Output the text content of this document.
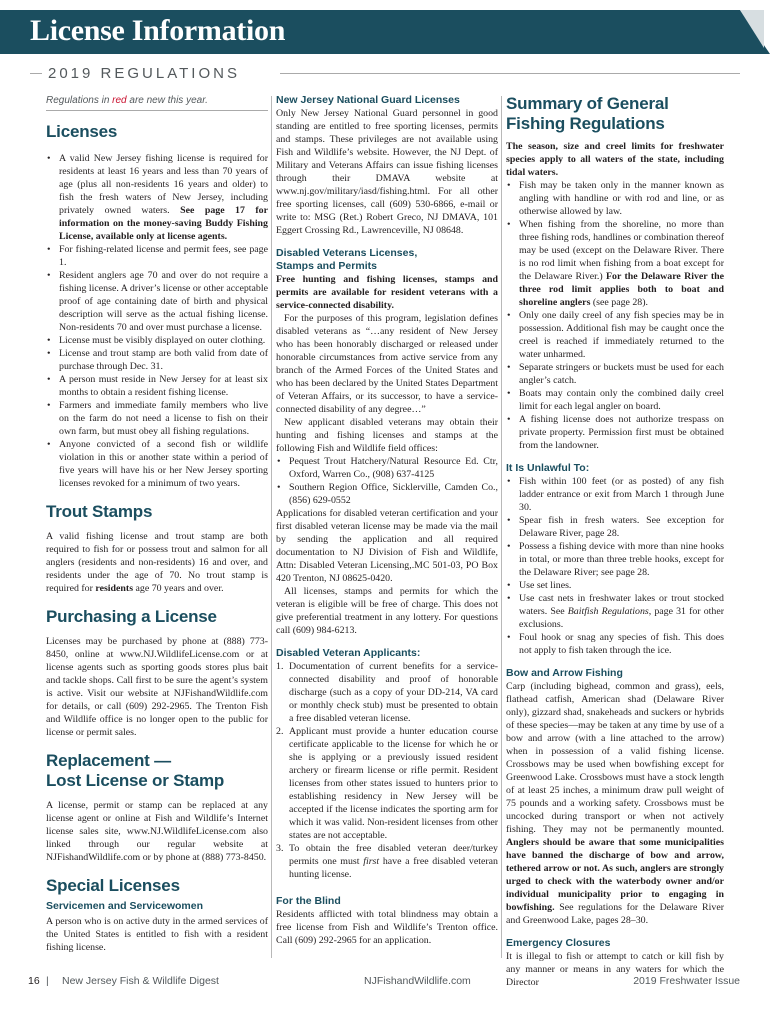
License Information
2019 REGULATIONS
Regulations in red are new this year.
Licenses
• A valid New Jersey fishing license is required for residents at least 16 years and less than 70 years of age (plus all non-residents 16 years and older) to fish the fresh waters of New Jersey, including privately owned waters. See page 17 for information on the money-saving Buddy Fishing License, available only at license agents.
• For fishing-related license and permit fees, see page 1.
• Resident anglers age 70 and over do not require a fishing license. A driver’s license or other acceptable proof of age containing date of birth and physical description will serve as the actual fishing license. Non-residents 70 and over must purchase a license.
• License must be visibly displayed on outer clothing.
• License and trout stamp are both valid from date of purchase through Dec. 31.
• A person must reside in New Jersey for at least six months to obtain a resident fishing license.
• Farmers and immediate family members who live on the farm do not need a license to fish on their own farm, but must obey all fishing regulations.
• Anyone convicted of a second fish or wildlife violation in this or another state within a period of five years will have his or her New Jersey sporting licenses revoked for a minimum of two years.
Trout Stamps

A valid fishing license and trout stamp are both required to fish for or possess trout and salmon for all anglers (residents and non-residents) 16 and over, and residents under the age of 70. No trout stamp is required for residents age 70 years and over.

Purchasing a License

Licenses may be purchased by phone at (888) 773-8450, online at www.NJ.WildlifeLicense.com or at license agents such as sporting goods stores plus bait and tackle shops. Call first to be sure the agent’s system is active. Visit our website at NJFishandWildlife.com for details, or call (609) 292-2965. The Trenton Fish and Wildlife office is no longer open to the public for license or permit sales.

Replacement —
Lost License or Stamp

A license, permit or stamp can be replaced at any license agent or online at Fish and Wildlife’s Internet license sales site, www.NJ.WildlifeLicense.com also linked through our regular website at NJFishandWildlife.com or by phone at (888) 773-8450.

Special Licenses
Servicemen and Servicewomen

A person who is on active duty in the armed services of the United States is entitled to fish with a resident fishing license.

New Jersey National Guard Licenses

Only New Jersey National Guard personnel in good standing are entitled to free sporting licenses, permits and stamps. These privileges are not available using Fish and Wildlife’s website. However, the NJ Dept. of Military and Veterans Affairs can issue fishing licenses through their DMAVA website at www.nj.gov/military/iasd/fishing.html. For all other free sporting licenses, call (609) 530-6866, e-mail or write to: MSG (Ret.) Robert Greco, NJ DMAVA, 101 Eggert Crossing Rd., Lawrenceville, NJ 08648.

Disabled Veterans Licenses,
Stamps and Permits

Free hunting and fishing licenses, stamps and permits are available for resident veterans with a service-connected disability.

For the purposes of this program, legislation defines disabled veterans as “…any resident of New Jersey who has been honorably discharged or released under honorable circumstances from active service from any branch of the Armed Forces of the United States and who has been declared by the United States Department of Veteran Affairs, or its successor, to have a service-connected disability of any degree…”

New applicant disabled veterans may obtain their hunting and fishing licenses and stamps at the following Fish and Wildlife field offices:

• Pequest Trout Hatchery/Natural Resource Ed. Ctr, Oxford, Warren Co., (908) 637-4125
• Southern Region Office, Sicklerville, Camden Co., (856) 629-0552

Applications for disabled veteran certification and your first disabled veteran license may be made via the mail by sending the application and all required documentation to NJ Division of Fish and Wildlife, Attn: Disabled Veteran Licensing,.MC 501-03, PO Box 420 Trenton, NJ 08625-0420.

All licenses, stamps and permits for which the veteran is eligible will be free of charge. This does not give preferential treatment in any lottery. For questions call (609) 984-6213.

Disabled Veteran Applicants:
1. Documentation of current benefits for a service-connected disability and proof of honorable discharge (such as a copy of your DD-214, VA card or monthly check stub) must be presented to obtain a free disabled veteran license.
2. Applicant must provide a hunter education course certificate applicable to the license for which he or she is applying or a previously issued resident archery or firearm license or rifle permit. Resident licenses from other states issued to hunters prior to establishing residency in New Jersey will be accepted if the license indicates the sporting arm for which it was valid. Non-resident licenses from other states are not acceptable.
3. To obtain the free disabled veteran deer/turkey permits one must first have a free disabled veteran hunting license.
For the Blind

Residents afflicted with total blindness may obtain a free license from Fish and Wildlife’s Trenton office. Call (609) 292-2965 for an application.

Summary of General
Fishing Regulations

The season, size and creel limits for freshwater species apply to all waters of the state, including tidal waters.

• Fish may be taken only in the manner known as angling with handline or with rod and line, or as otherwise allowed by law.
• When fishing from the shoreline, no more than three fishing rods, handlines or combination thereof may be used (except on the Delaware River. There is no rod limit when fishing from a boat except for the Delaware River.) For the Delaware River the three rod limit applies both to boat and shoreline anglers (see page 28).
• Only one daily creel of any fish species may be in possession. Additional fish may be caught once the creel is reached if immediately returned to the water unharmed.
• Separate stringers or buckets must be used for each angler’s catch.
• Boats may contain only the combined daily creel limit for each legal angler on board.
• A fishing license does not authorize trespass on private property. Permission first must be obtained from the landowner.
It Is Unlawful To:
• Fish within 100 feet (or as posted) of any fish ladder entrance or exit from March 1 through June 30.
• Spear fish in fresh waters. See exception for Delaware River, page 28.
• Possess a fishing device with more than nine hooks in total, or more than three treble hooks, except for the Delaware River; see page 28.
• Use set lines.
• Use cast nets in freshwater lakes or trout stocked waters. See Baitfish Regulations, page 31 for other exclusions.
• Foul hook or snag any species of fish. This does not apply to fish taken through the ice.
Bow and Arrow Fishing

Carp (including bighead, common and grass), eels, flathead catfish, American shad (Delaware River only), gizzard shad, snakeheads and suckers or hybrids of these species—may be taken at any time by use of a bow and arrow (with a line attached to the arrow) when in possession of a valid fishing license. Crossbows may be used when bowfishing except for Greenwood Lake. Crossbows must have a stock length of at least 25 inches, a minimum draw pull weight of 75 pounds and a working safety. Crossbows must be uncocked during transport or when not actively fishing. They may not be permanently mounted. Anglers should be aware that some municipalities have banned the discharge of bow and arrow, tethered arrow or not. As such, anglers are strongly urged to check with the waterbody owner and/or individual municipality prior to engaging in bowfishing. See regulations for the Delaware River and Greenwood Lake, pages 28–30.

Emergency Closures

It is illegal to fish or attempt to catch or kill fish by any manner or means in any waters for which the Director

16 | New Jersey Fish & Wildlife Digest	NJFishandWildlife.com	2019 Freshwater Issue
